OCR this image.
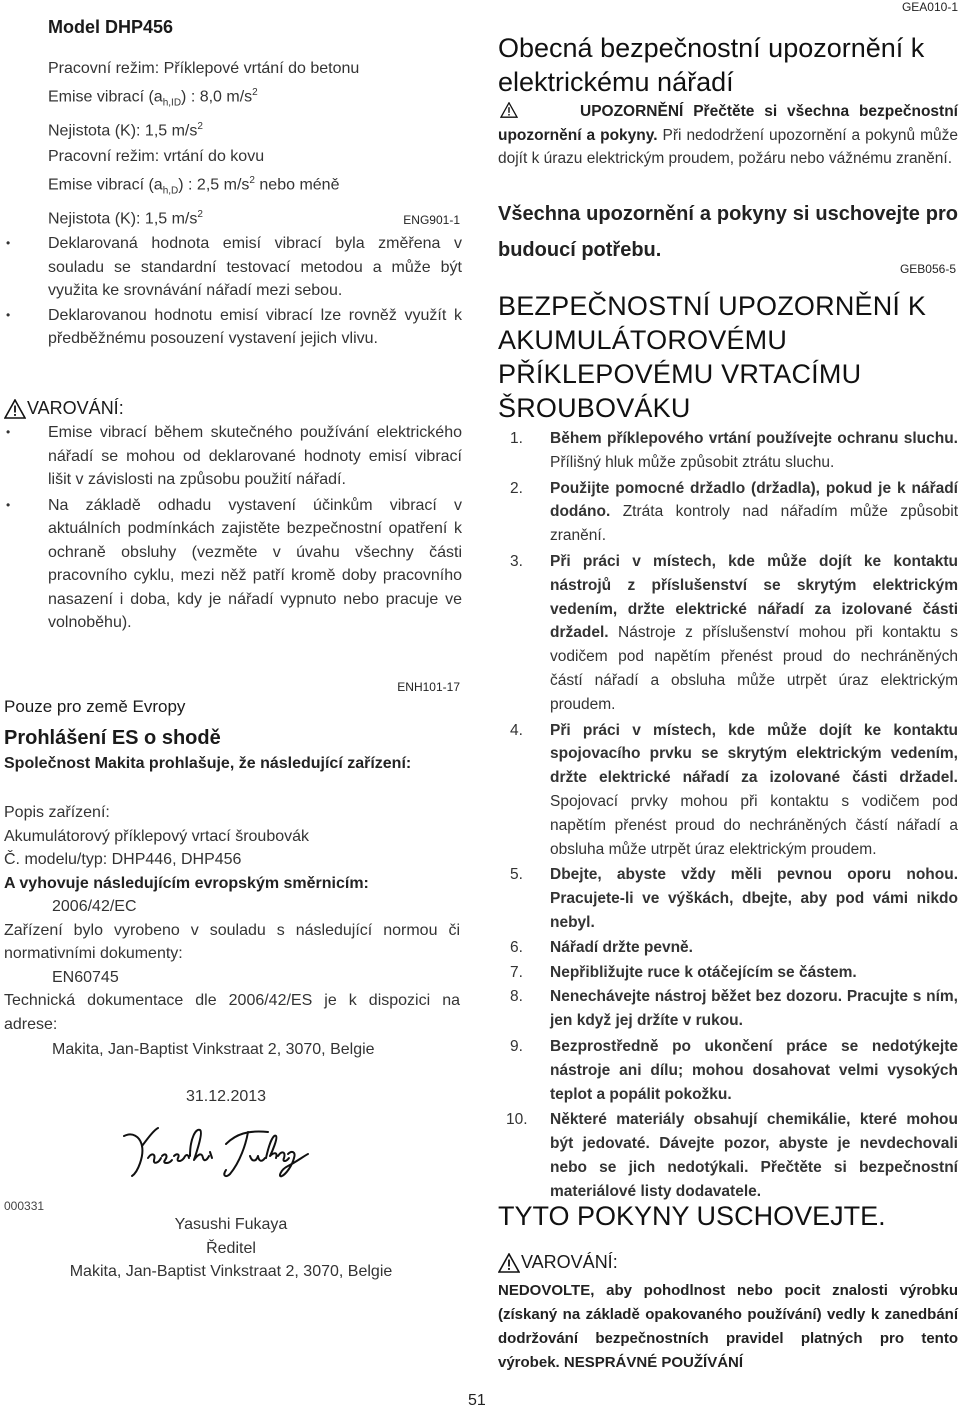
Model DHP456
Pracovní režim: Příklepové vrtání do betonu
Emise vibrací $(a_{h,ID})$ : 8,0 $m/s^2$
Nejistota (K): 1,5 $m/s^2$
Pracovní režim: vrtání do kovu
Emise vibrací $(a_{h,D})$ : 2,5 $m/s^2$ nebo méně
Nejistota (K): 1,5 $m/s^2$	ENG901-1
• Deklarovaná hodnota emisí vibrací byla změřena v souladu se standardní testovací metodou a může být využita ke srovnávání nářadí mezi sebou.
• Deklarovanou hodnotu emisí vibrací lze rovněž využít k předběžnému posouzení vystavení jejich vlivu.
VAROVÁNÍ:
• Emise vibrací během skutečného používání elektrického nářadí se mohou od deklarované hodnoty emisí vibrací lišit v závislosti na způsobu použití nářadí.
• Na základě odhadu vystavení účinkům vibrací v aktuálních podmínkách zajistěte bezpečnostní opatření k ochraně obsluhy (vezměte v úvahu všechny části pracovního cyklu, mezi něž patří kromě doby pracovního nasazení i doba, kdy je nářadí vypnuto nebo pracuje ve volnoběhu).
ENH101-17
Pouze pro země Evropy
Prohlášení ES o shodě
Společnost Makita prohlašuje, že následující zařízení:
Popis zařízení:
Akumulátorový příklepový vrtací šroubovák
Č. modelu/typ: DHP446, DHP456
A vyhovuje následujícím evropským směrnicím:
2006/42/EC
Zařízení bylo vyrobeno v souladu s následující normou či normativními dokumenty:
EN60745
Technická dokumentace dle 2006/42/ES je k dispozici na adrese:
Makita, Jan-Baptist Vinkstraat 2, 3070, Belgie
31.12.2013
000331
Yasushi Fukaya
Ředitel
Makita, Jan-Baptist Vinkstraat 2, 3070, Belgie
GEA010-1
Obecná bezpečnostní upozornění k elektrickému nářadí
UPOZORNĚNÍ Přečtěte si všechna bezpečnostní upozornění a pokyny. Při nedodržení upozornění a pokynů může dojít k úrazu elektrickým proudem, požáru nebo vážnému zranění.
Všechna upozornění a pokyny si uschovejte pro budoucí potřebu.
GEB056-5
BEZPEČNOSTNÍ UPOZORNĚNÍ K AKUMULÁTOROVÉMU PŘÍKLEPOVÉMU VRTACÍMU ŠROUBOVÁKU
1. Během příklepového vrtání používejte ochranu sluchu. Přílišný hluk může způsobit ztrátu sluchu.
2. Použijte pomocné držadlo (držadla), pokud je k nářadí dodáno. Ztráta kontroly nad nářadím může způsobit zranění.
3. Při práci v místech, kde může dojít ke kontaktu nástrojů z příslušenství se skrytým elektrickým vedením, držte elektrické nářadí za izolované části držadel. Nástroje z příslušenství mohou při kontaktu s vodičem pod napětím přenést proud do nechráněných částí nářadí a obsluha může utrpět úraz elektrickým proudem.
4. Při práci v místech, kde může dojít ke kontaktu spojovacího prvku se skrytým elektrickým vedením, držte elektrické nářadí za izolované části držadel. Spojovací prvky mohou při kontaktu s vodičem pod napětím přenést proud do nechráněných částí nářadí a obsluha může utrpět úraz elektrickým proudem.
5. Dbejte, abyste vždy měli pevnou oporu nohou. Pracujete-li ve výškách, dbejte, aby pod vámi nikdo nebyl.
6. Nářadí držte pevně.
7. Nepřibližujte ruce k otáčejícím se částem.
8. Nenechávejte nástroj běžet bez dozoru. Pracujte s ním, jen když jej držíte v rukou.
9. Bezprostředně po ukončení práce se nedotýkejte nástroje ani dílu; mohou dosahovat velmi vysokých teplot a popálit pokožku.
10. Některé materiály obsahují chemikálie, které mohou být jedovaté. Dávejte pozor, abyste je nevdechovali nebo se jich nedotýkali. Přečtěte si bezpečnostní materiálové listy dodavatele.
TYTO POKYNY USCHOVEJTE.
VAROVÁNÍ:
NEDOVOLTE, aby pohodlnost nebo pocit znalosti výrobku (získaný na základě opakovaného používání) vedly k zanedbání dodržování bezpečnostních pravidel platných pro tento výrobek. NESPRÁVNÉ POUŽÍVÁNÍ
51
